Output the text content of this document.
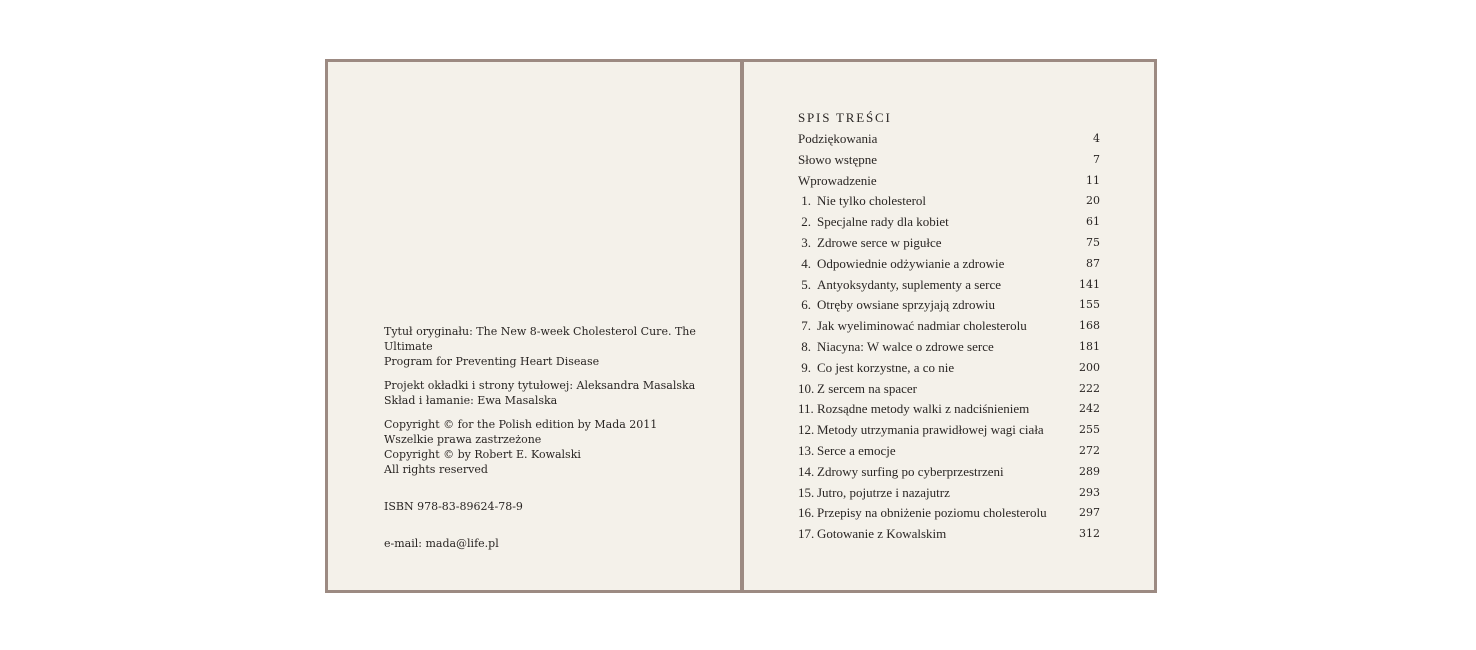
Tytuł oryginału: The New 8-week Cholesterol Cure. The Ultimate

Program for Preventing Heart Disease

Projekt okładki i strony tytułowej: Aleksandra Masalska

Skład i łamanie: Ewa Masalska

Copyright © for the Polish edition by Mada 2011

Wszelkie prawa zastrzeżone

Copyright © by Robert E. Kowalski

All rights reserved

ISBN 978-83-89624-78-9

e-mail: mada@life.pl

SPIS TREŚCI
Podziękowania	4
Słowo wstępne	7
Wprowadzenie	11
1. Nie tylko cholesterol	20
2. Specjalne rady dla kobiet	61
3. Zdrowe serce w pigułce	75
4. Odpowiednie odżywianie a zdrowie	87
5. Antyoksydanty, suplementy a serce	141
6. Otręby owsiane sprzyjają zdrowiu	155
7. Jak wyeliminować nadmiar cholesterolu	168
8. Niacyna: W walce o zdrowe serce	181
9. Co jest korzystne, a co nie	200
10. Z sercem na spacer	222
11. Rozsądne metody walki z nadciśnieniem	242
12. Metody utrzymania prawidłowej wagi ciała	255
13. Serce a emocje	272
14. Zdrowy surfing po cyberprzestrzeni	289
15. Jutro, pojutrze i nazajutrz	293
16. Przepisy na obniżenie poziomu cholesterolu	297
17. Gotowanie z Kowalskim	312
